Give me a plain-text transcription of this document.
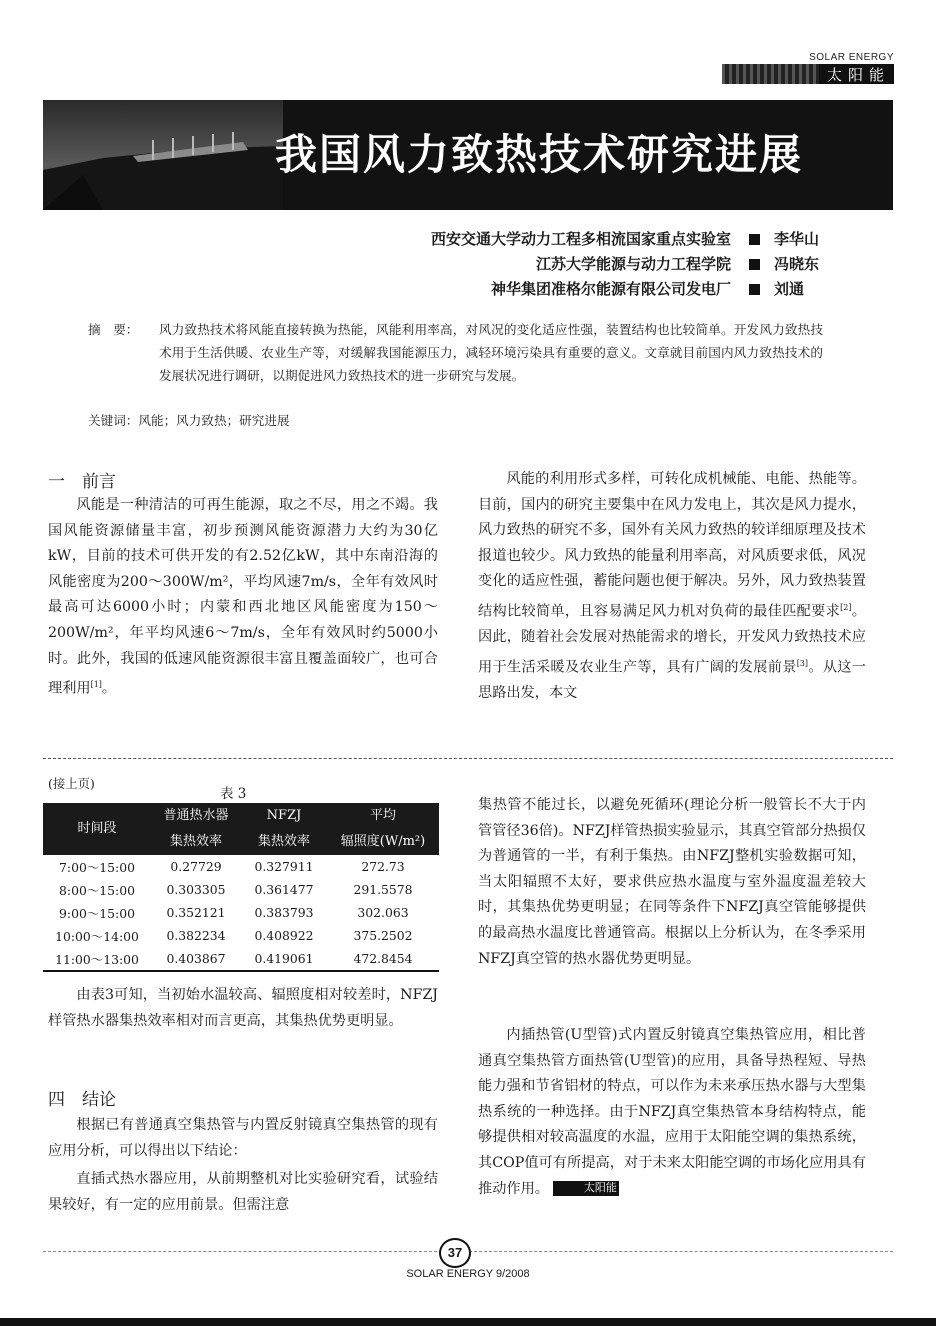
SOLAR ENERGY
太阳能
我国风力致热技术研究进展
西安交通大学动力工程多相流国家重点实验室	李华山
江苏大学能源与动力工程学院	冯晓东
神华集团准格尔能源有限公司发电厂	刘通
摘　要： 风力致热技术将风能直接转换为热能，风能利用率高，对风况的变化适应性强，装置结构也比较简单。开发风力致热技术用于生活供暖、农业生产等，对缓解我国能源压力，减轻环境污染具有重要的意义。文章就目前国内风力致热技术的发展状况进行调研，以期促进风力致热技术的进一步研究与发展。
关键词：风能；风力致热；研究进展
一　前言
风能是一种清洁的可再生能源，取之不尽，用之不竭。我国风能资源储量丰富，初步预测风能资源潜力大约为30亿kW，目前的技术可供开发的有2.52亿kW，其中东南沿海的风能密度为200～300W/m²，平均风速7m/s，全年有效风时最高可达6000小时；内蒙和西北地区风能密度为150～200W/m²，年平均风速6～7m/s，全年有效风时约5000小时。此外，我国的低速风能资源很丰富且覆盖面较广，也可合理利用[1]。
风能的利用形式多样，可转化成机械能、电能、热能等。目前，国内的研究主要集中在风力发电上，其次是风力提水，风力致热的研究不多，国外有关风力致热的较详细原理及技术报道也较少。风力致热的能量利用率高，对风质要求低，风况变化的适应性强，蓄能问题也便于解决。另外，风力致热装置结构比较简单，且容易满足风力机对负荷的最佳匹配要求[2]。因此，随着社会发展对热能需求的增长，开发风力致热技术应用于生活采暖及农业生产等，具有广阔的发展前景[3]。从这一思路出发，本文
(接上页)
表 3
时间段	普通热水器	NFZJ	平均
	集热效率	集热效率	辐照度(W/m²)
7:00～15:00	0.27729	0.327911	272.73
8:00～15:00	0.303305	0.361477	291.5578
9:00～15:00	0.352121	0.383793	302.063
10:00～14:00	0.382234	0.408922	375.2502
11:00～13:00	0.403867	0.419061	472.8454
由表3可知，当初始水温较高、辐照度相对较差时，NFZJ样管热水器集热效率相对而言更高，其集热优势更明显。
四　结论
根据已有普通真空集热管与内置反射镜真空集热管的现有应用分析，可以得出以下结论：
直插式热水器应用，从前期整机对比实验研究看，试验结果较好，有一定的应用前景。但需注意
集热管不能过长，以避免死循环(理论分析一般管长不大于内管管径36倍)。NFZJ样管热损实验显示，其真空管部分热损仅为普通管的一半，有利于集热。由NFZJ整机实验数据可知，当太阳辐照不太好，要求供应热水温度与室外温度温差较大时，其集热优势更明显；在同等条件下NFZJ真空管能够提供的最高热水温度比普通管高。根据以上分析认为，在冬季采用NFZJ真空管的热水器优势更明显。
内插热管(U型管)式内置反射镜真空集热管应用，相比普通真空集热管方面热管(U型管)的应用，具备导热程短、导热能力强和节省铝材的特点，可以作为未来承压热水器与大型集热系统的一种选择。由于NFZJ真空集热管本身结构特点，能够提供相对较高温度的水温，应用于太阳能空调的集热系统，其COP值可有所提高，对于未来太阳能空调的市场化应用具有推动作用。	太阳能
37
SOLAR ENERGY 9/2008
